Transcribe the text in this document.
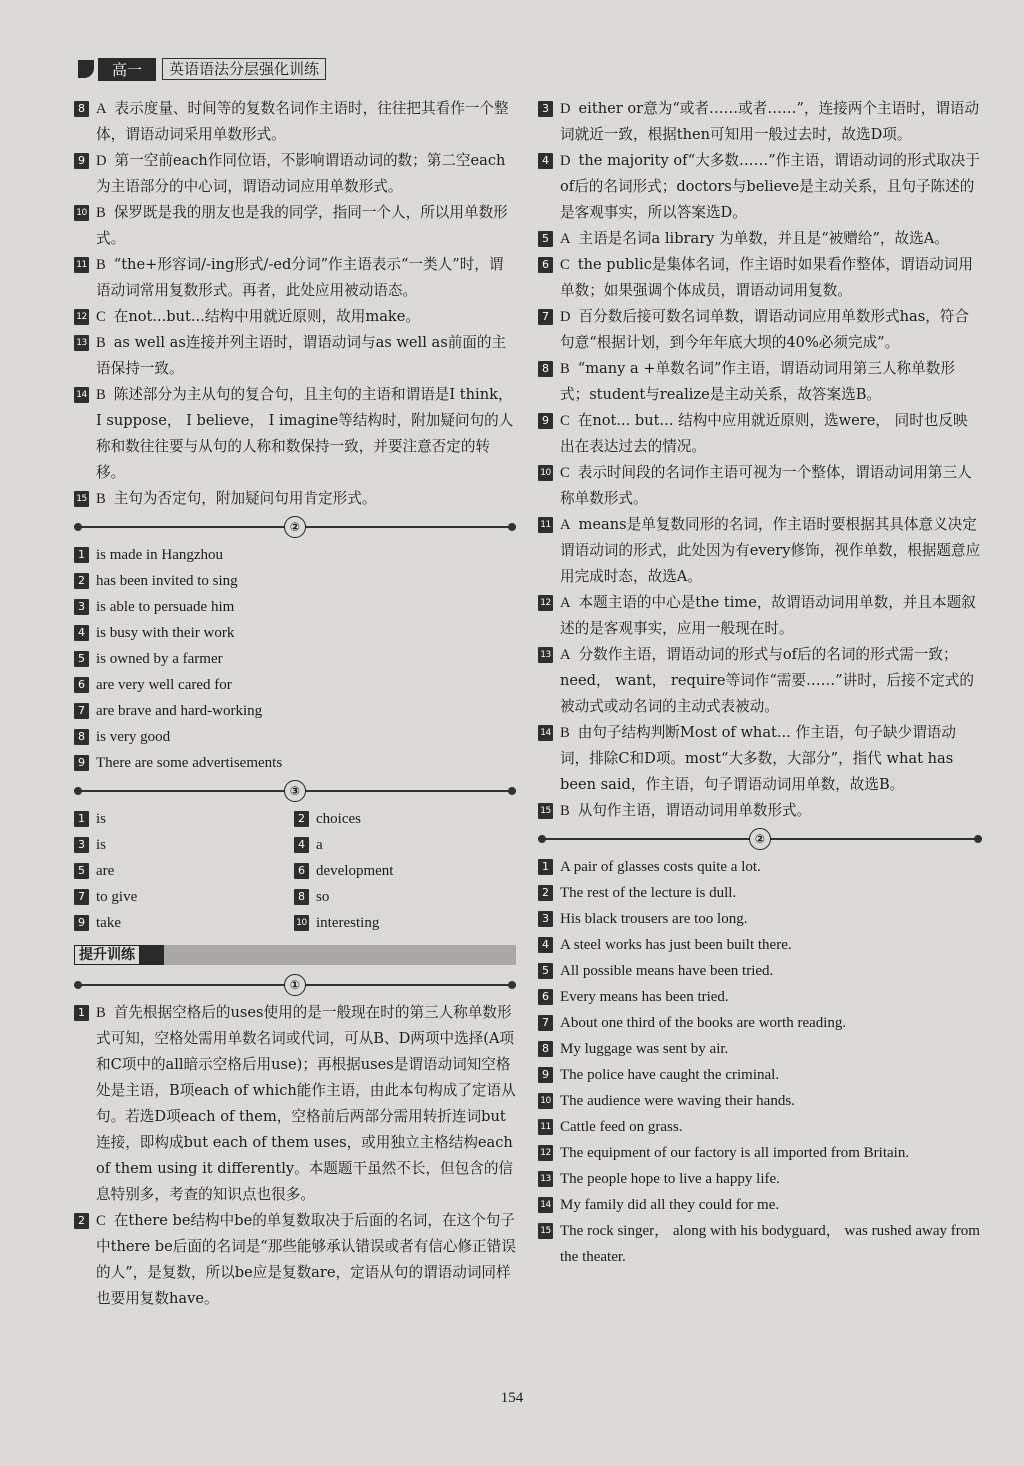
高一	英语语法分层强化训练
8 A 表示度量、时间等的复数名词作主语时，往往把其看作一个整体，谓语动词采用单数形式。
9 D 第一空前each作同位语，不影响谓语动词的数；第二空each为主语部分的中心词，谓语动词应用单数形式。
10 B 保罗既是我的朋友也是我的同学，指同一个人，所以用单数形式。
11 B “the+形容词/-ing形式/-ed分词”作主语表示“一类人”时，谓语动词常用复数形式。再者，此处应用被动语态。
12 C 在not...but...结构中用就近原则，故用make。
13 B as well as连接并列主语时，谓语动词与as well as前面的主语保持一致。
14 B 陈述部分为主从句的复合句，且主句的主语和谓语是I think， I suppose， I believe， I imagine等结构时，附加疑问句的人称和数往往要与从句的人称和数保持一致，并要注意否定的转移。
15 B 主句为否定句，附加疑问句用肯定形式。
②
1 is made in Hangzhou
2 has been invited to sing
3 is able to persuade him
4 is busy with their work
5 is owned by a farmer
6 are very well cared for
7 are brave and hard-working
8 is very good
9 There are some advertisements
③
1 is	2 choices
3 is	4 a
5 are	6 development
7 to give	8 so
9 take	10 interesting
提升训练
①
1 B 首先根据空格后的uses使用的是一般现在时的第三人称单数形式可知，空格处需用单数名词或代词，可从B、D两项中选择(A项和C项中的all暗示空格后用use)；再根据uses是谓语动词知空格处是主语，B项each of which能作主语，由此本句构成了定语从句。若选D项each of them，空格前后两部分需用转折连词but连接，即构成but each of them uses，或用独立主格结构each of them using it differently。本题题干虽然不长，但包含的信息特别多，考查的知识点也很多。
2 C 在there be结构中be的单复数取决于后面的名词，在这个句子中there be后面的名词是“那些能够承认错误或者有信心修正错误的人”，是复数，所以be应是复数are，定语从句的谓语动词同样也要用复数have。
3 D either or意为“或者……或者……”，连接两个主语时，谓语动词就近一致，根据then可知用一般过去时，故选D项。
4 D the majority of“大多数……”作主语，谓语动词的形式取决于of后的名词形式；doctors与believe是主动关系，且句子陈述的是客观事实，所以答案选D。
5 A 主语是名词a library 为单数，并且是“被赠给”，故选A。
6 C the public是集体名词，作主语时如果看作整体，谓语动词用单数；如果强调个体成员，谓语动词用复数。
7 D 百分数后接可数名词单数，谓语动词应用单数形式has，符合句意“根据计划，到今年年底大坝的40%必须完成”。
8 B “many a +单数名词”作主语，谓语动词用第三人称单数形式；student与realize是主动关系，故答案选B。
9 C 在not... but... 结构中应用就近原则，选were， 同时也反映出在表达过去的情况。
10 C 表示时间段的名词作主语可视为一个整体，谓语动词用第三人称单数形式。
11 A means是单复数同形的名词，作主语时要根据其具体意义决定谓语动词的形式，此处因为有every修饰，视作单数，根据题意应用完成时态，故选A。
12 A 本题主语的中心是the time，故谓语动词用单数，并且本题叙述的是客观事实，应用一般现在时。
13 A 分数作主语，谓语动词的形式与of后的名词的形式需一致；need， want， require等词作“需要……”讲时，后接不定式的被动式或动名词的主动式表被动。
14 B 由句子结构判断Most of what... 作主语，句子缺少谓语动词，排除C和D项。most“大多数，大部分”，指代 what has been said，作主语，句子谓语动词用单数，故选B。
15 B 从句作主语，谓语动词用单数形式。
②
1 A pair of glasses costs quite a lot.
2 The rest of the lecture is dull.
3 His black trousers are too long.
4 A steel works has just been built there.
5 All possible means have been tried.
6 Every means has been tried.
7 About one third of the books are worth reading.
8 My luggage was sent by air.
9 The police have caught the criminal.
10 The audience were waving their hands.
11 Cattle feed on grass.
12 The equipment of our factory is all imported from Britain.
13 The people hope to live a happy life.
14 My family did all they could for me.
15 The rock singer， along with his bodyguard， was rushed away from the theater.
154
